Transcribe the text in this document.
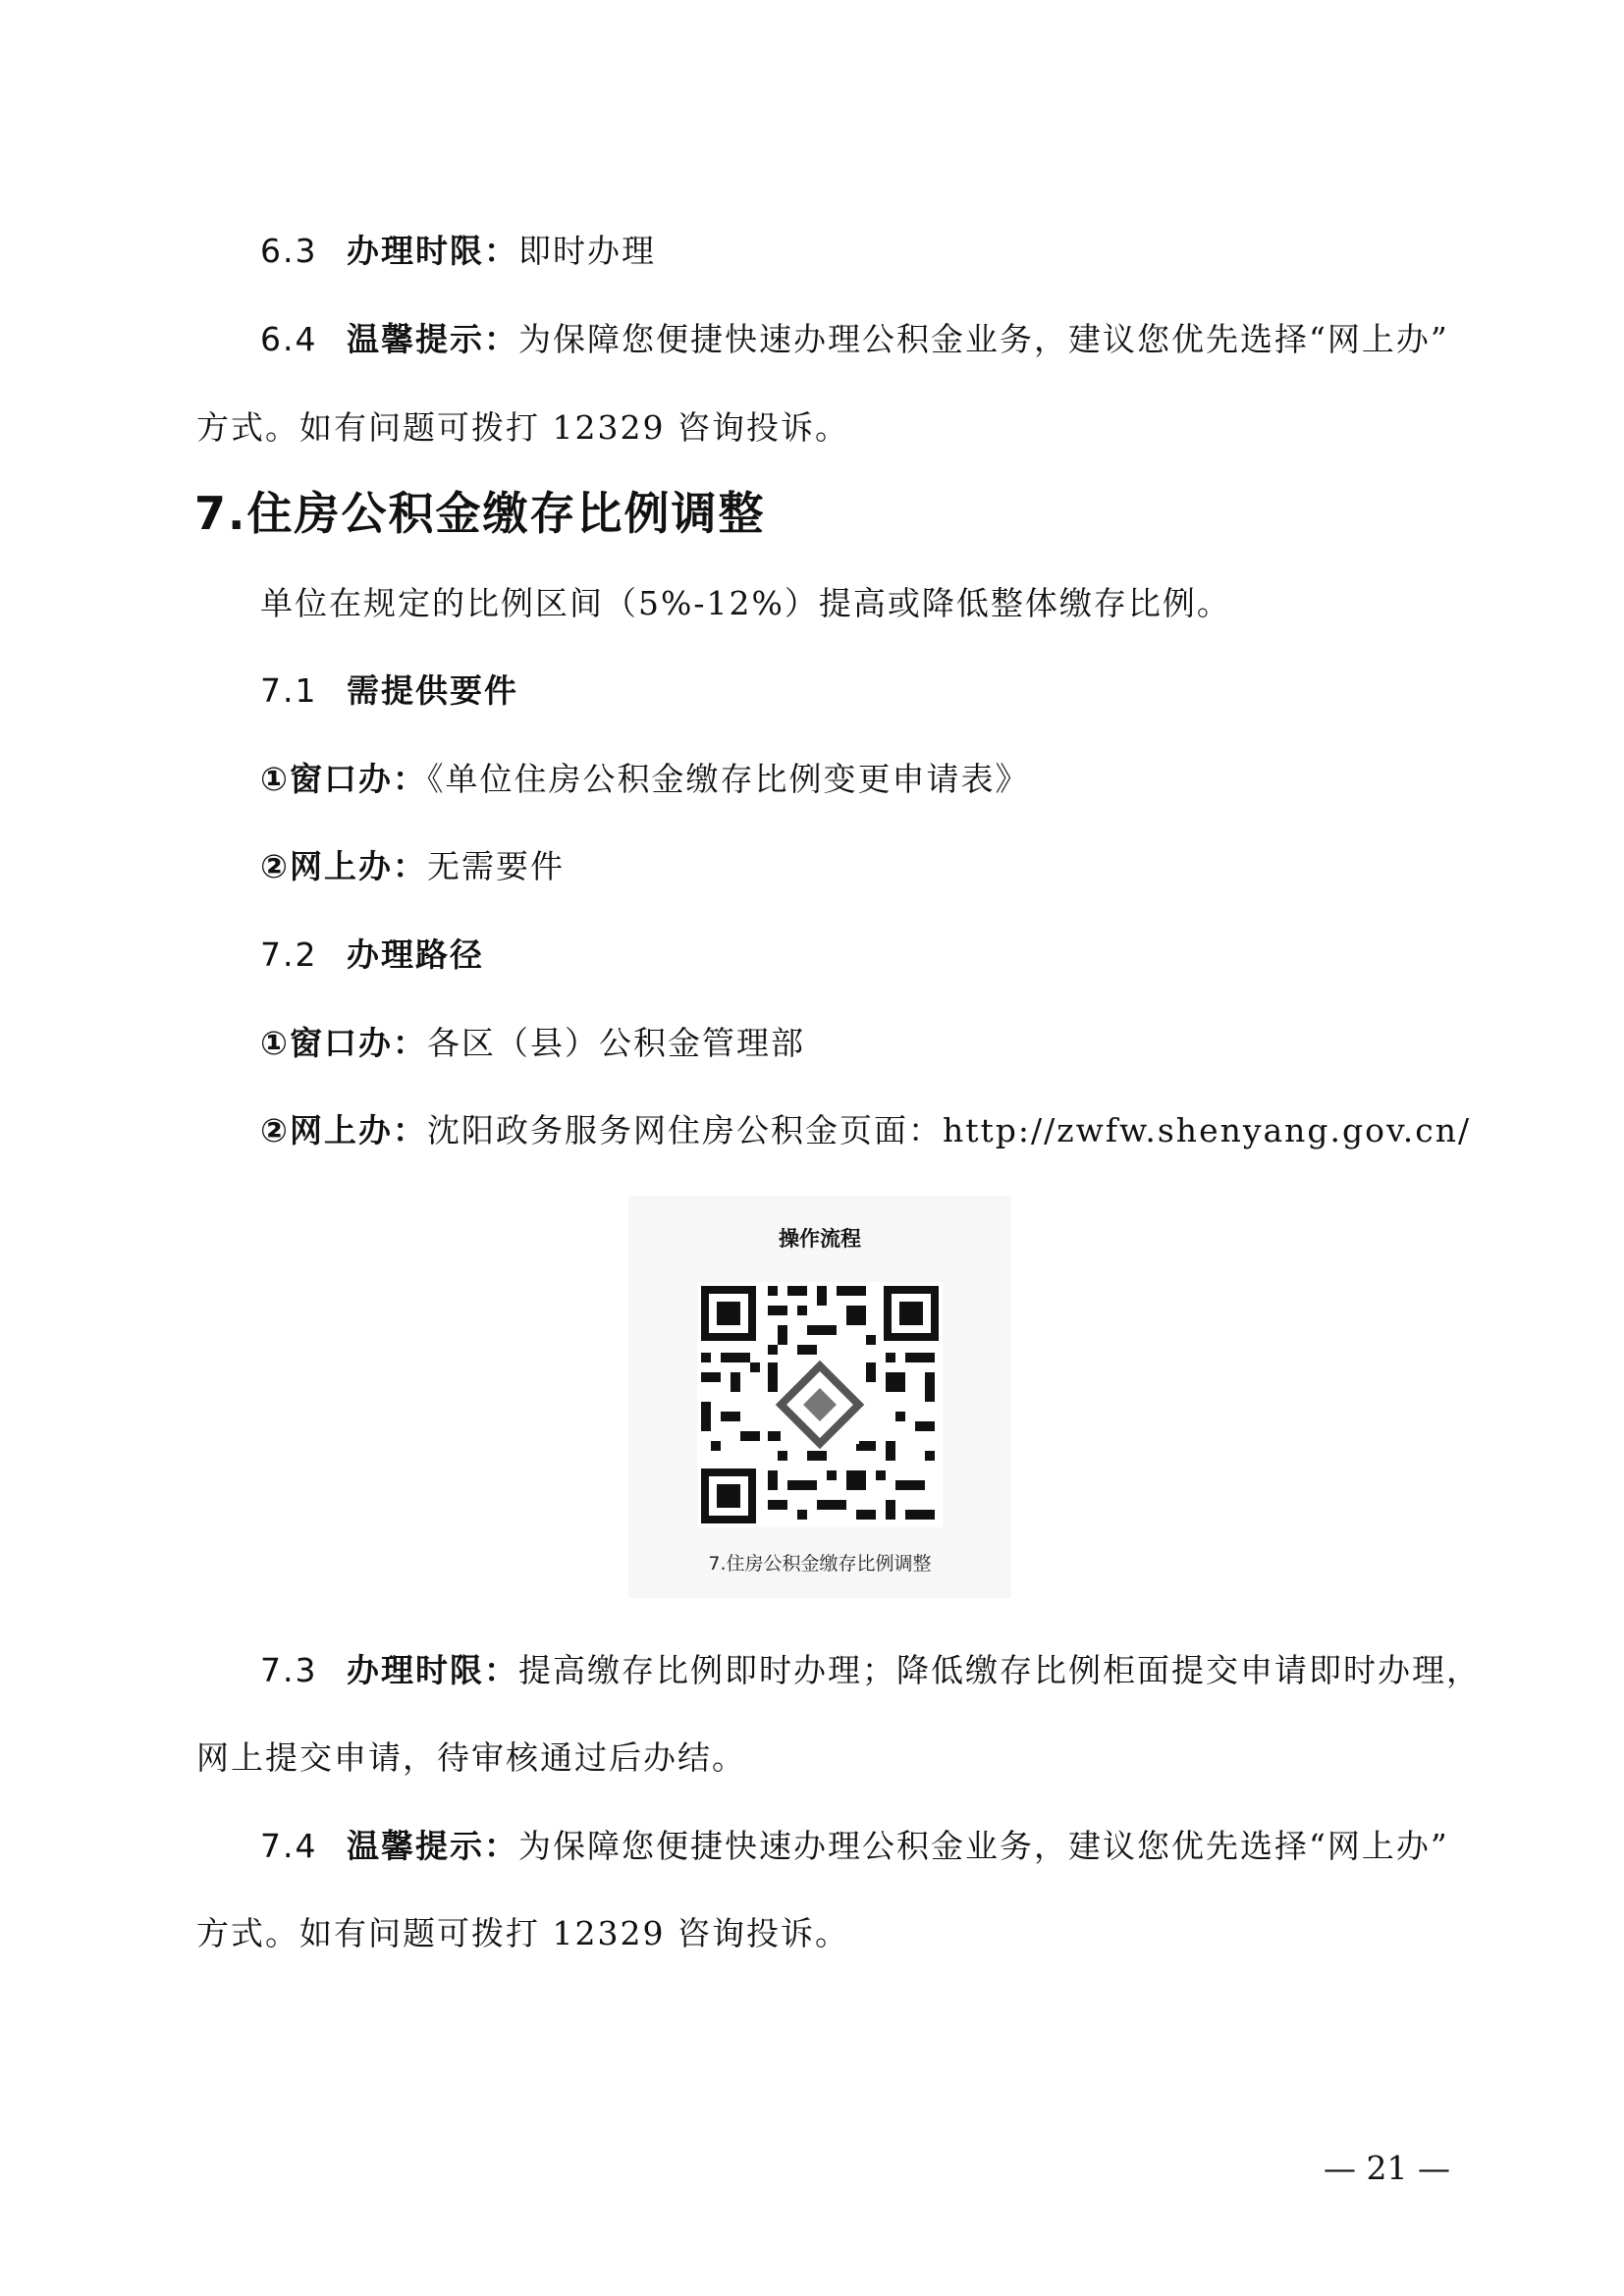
6.3 办理时限：即时办理
6.4 温馨提示：为保障您便捷快速办理公积金业务，建议您优先选择“网上办”
方式。如有问题可拨打 12329 咨询投诉。
7.住房公积金缴存比例调整
单位在规定的比例区间（5%-12%）提高或降低整体缴存比例。
7.1 需提供要件
①窗口办：《单位住房公积金缴存比例变更申请表》
②网上办：无需要件
7.2 办理路径
①窗口办：各区（县）公积金管理部
②网上办：沈阳政务服务网住房公积金页面：http://zwfw.shenyang.gov.cn/
操作流程
7.住房公积金缴存比例调整
7.3 办理时限：提高缴存比例即时办理；降低缴存比例柜面提交申请即时办理，
网上提交申请，待审核通过后办结。
7.4 温馨提示：为保障您便捷快速办理公积金业务，建议您优先选择“网上办”
方式。如有问题可拨打 12329 咨询投诉。
— 21 —
